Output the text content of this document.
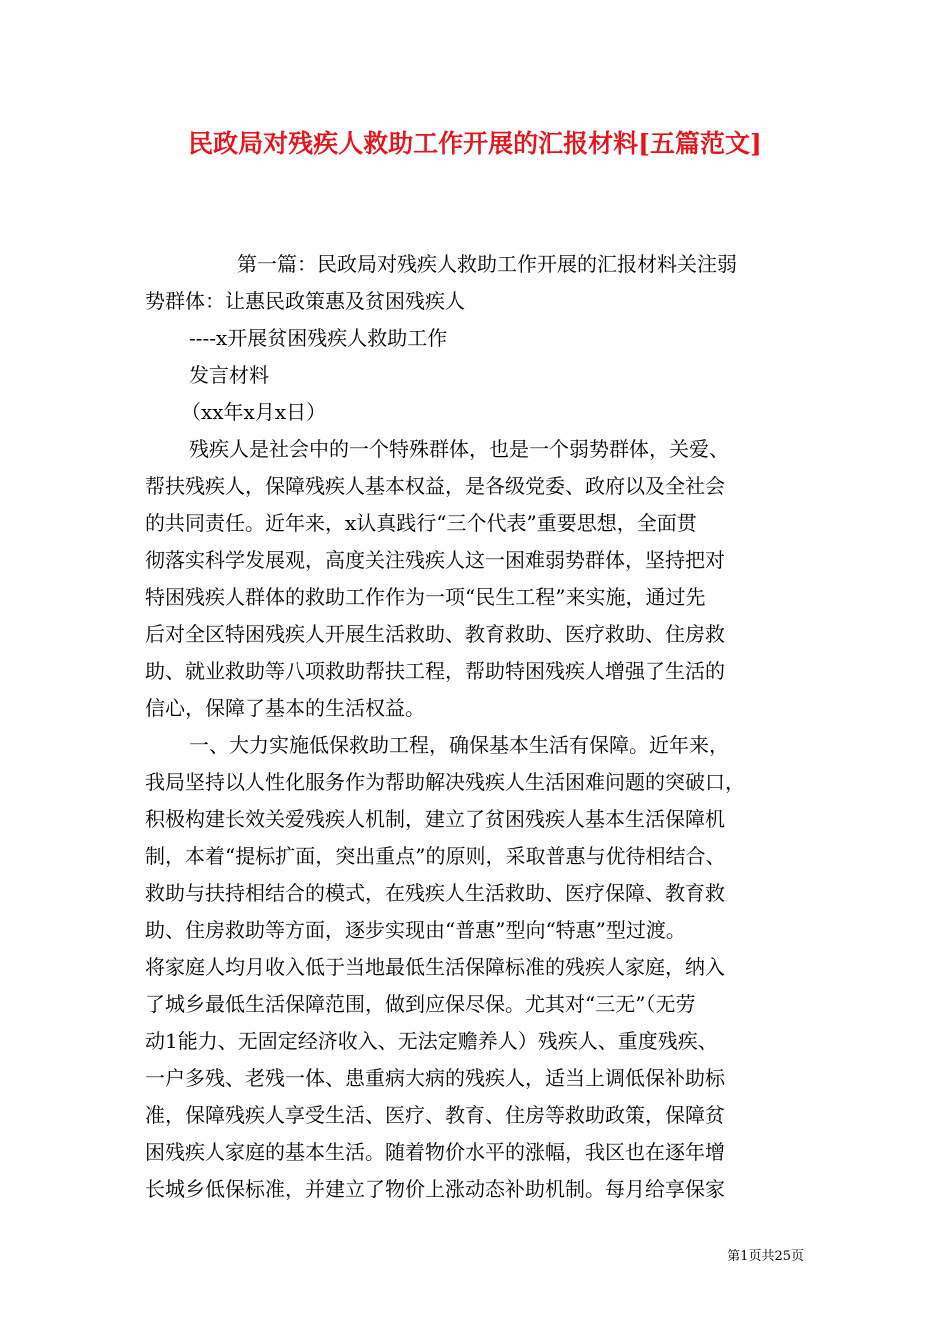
民政局对残疾人救助工作开展的汇报材料[五篇范文]
第一篇：民政局对残疾人救助工作开展的汇报材料关注弱
势群体：让惠民政策惠及贫困残疾人
----x开展贫困残疾人救助工作
发言材料
（xx年x月x日）
残疾人是社会中的一个特殊群体，也是一个弱势群体，关爱、
帮扶残疾人，保障残疾人基本权益，是各级党委、政府以及全社会
的共同责任。近年来，x认真践行“三个代表”重要思想，全面贯
彻落实科学发展观，高度关注残疾人这一困难弱势群体，坚持把对
特困残疾人群体的救助工作作为一项“民生工程”来实施，通过先
后对全区特困残疾人开展生活救助、教育救助、医疗救助、住房救
助、就业救助等八项救助帮扶工程，帮助特困残疾人增强了生活的
信心，保障了基本的生活权益。
一、大力实施低保救助工程，确保基本生活有保障。近年来，
我局坚持以人性化服务作为帮助解决残疾人生活困难问题的突破口，
积极构建长效关爱残疾人机制，建立了贫困残疾人基本生活保障机
制，本着“提标扩面，突出重点”的原则，采取普惠与优待相结合、
救助与扶持相结合的模式，在残疾人生活救助、医疗保障、教育救
助、住房救助等方面，逐步实现由“普惠”型向“特惠”型过渡。
将家庭人均月收入低于当地最低生活保障标准的残疾人家庭，纳入
了城乡最低生活保障范围，做到应保尽保。尤其对“三无”（无劳
动1能力、无固定经济收入、无法定赡养人）残疾人、重度残疾、
一户多残、老残一体、患重病大病的残疾人，适当上调低保补助标
准，保障残疾人享受生活、医疗、教育、住房等救助政策，保障贫
困残疾人家庭的基本生活。随着物价水平的涨幅，我区也在逐年增
长城乡低保标准，并建立了物价上涨动态补助机制。每月给享保家
第1页共25页
